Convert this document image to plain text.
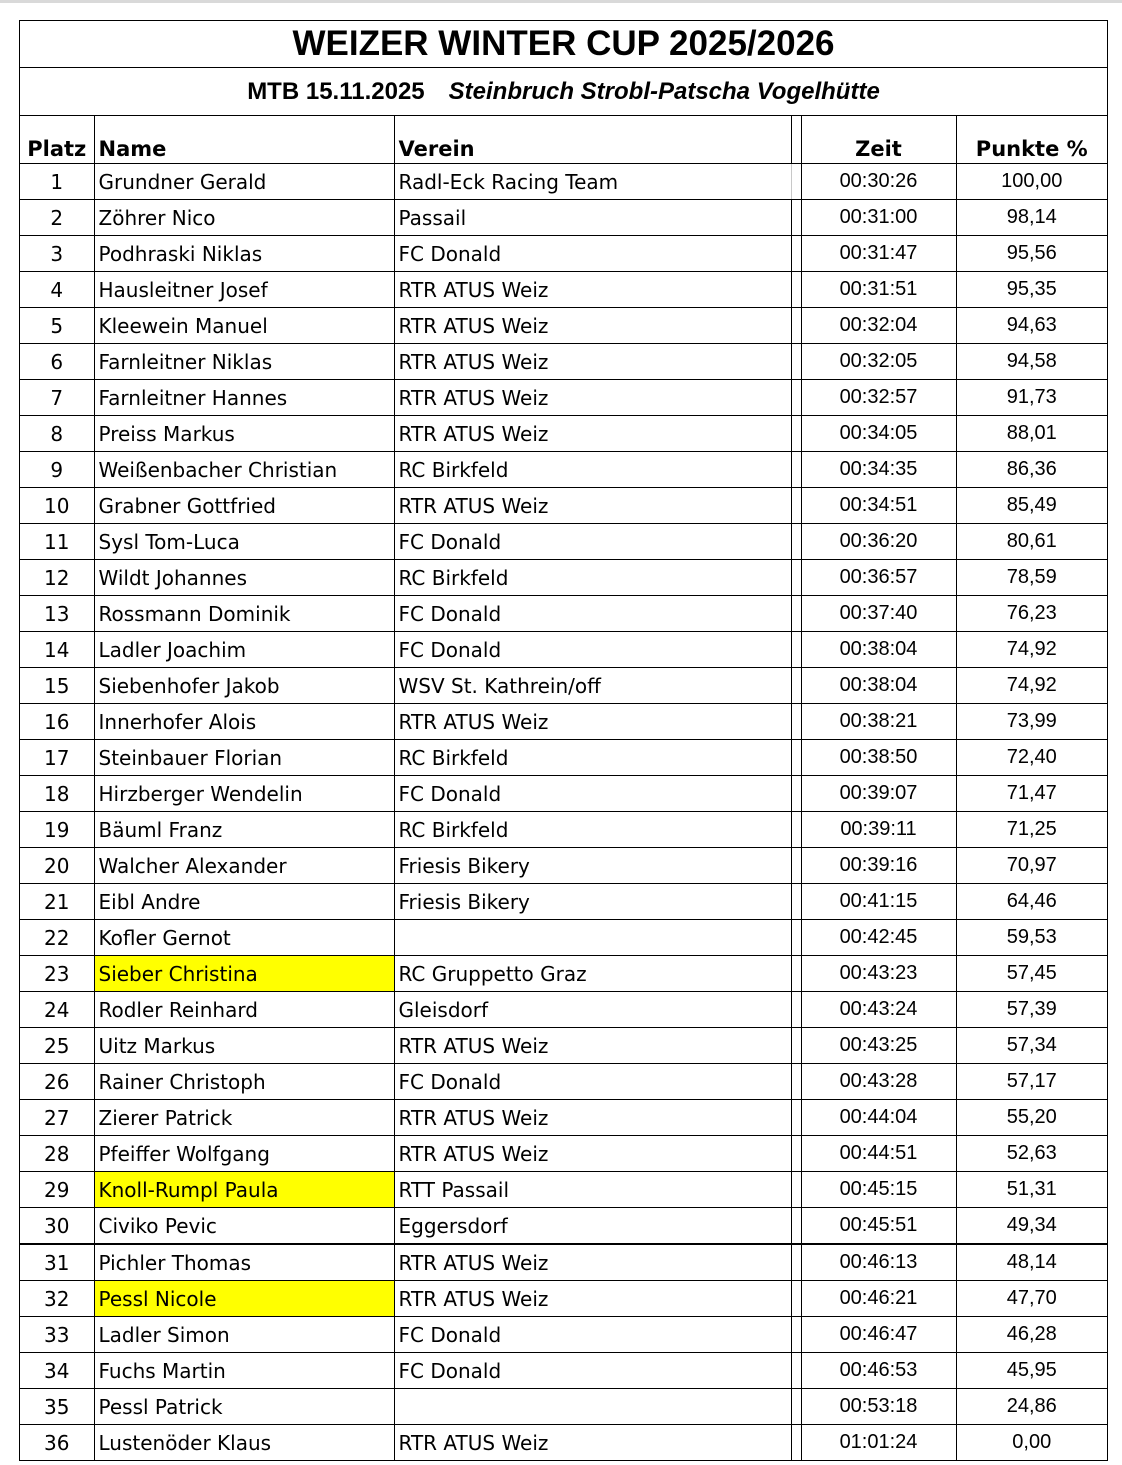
WEIZER WINTER CUP 2025/2026
MTB 15.11.2025 Steinbruch Strobl-Patscha Vogelhütte
Platz	Name	Verein		Zeit	Punkte %
1	Grundner Gerald	Radl-Eck Racing Team		00:30:26	100,00
2	Zöhrer Nico	Passail		00:31:00	98,14
3	Podhraski Niklas	FC Donald		00:31:47	95,56
4	Hausleitner Josef	RTR ATUS Weiz		00:31:51	95,35
5	Kleewein Manuel	RTR ATUS Weiz		00:32:04	94,63
6	Farnleitner Niklas	RTR ATUS Weiz		00:32:05	94,58
7	Farnleitner Hannes	RTR ATUS Weiz		00:32:57	91,73
8	Preiss Markus	RTR ATUS Weiz		00:34:05	88,01
9	Weißenbacher Christian	RC Birkfeld		00:34:35	86,36
10	Grabner Gottfried	RTR ATUS Weiz		00:34:51	85,49
11	Sysl Tom-Luca	FC Donald		00:36:20	80,61
12	Wildt Johannes	RC Birkfeld		00:36:57	78,59
13	Rossmann Dominik	FC Donald		00:37:40	76,23
14	Ladler Joachim	FC Donald		00:38:04	74,92
15	Siebenhofer Jakob	WSV St. Kathrein/off		00:38:04	74,92
16	Innerhofer Alois	RTR ATUS Weiz		00:38:21	73,99
17	Steinbauer Florian	RC Birkfeld		00:38:50	72,40
18	Hirzberger Wendelin	FC Donald		00:39:07	71,47
19	Bäuml Franz	RC Birkfeld		00:39:11	71,25
20	Walcher Alexander	Friesis Bikery		00:39:16	70,97
21	Eibl Andre	Friesis Bikery		00:41:15	64,46
22	Kofler Gernot			00:42:45	59,53
23	Sieber Christina	RC Gruppetto Graz		00:43:23	57,45
24	Rodler Reinhard	Gleisdorf		00:43:24	57,39
25	Uitz Markus	RTR ATUS Weiz		00:43:25	57,34
26	Rainer Christoph	FC Donald		00:43:28	57,17
27	Zierer Patrick	RTR ATUS Weiz		00:44:04	55,20
28	Pfeiffer Wolfgang	RTR ATUS Weiz		00:44:51	52,63
29	Knoll-Rumpl Paula	RTT Passail		00:45:15	51,31
30	Civiko Pevic	Eggersdorf		00:45:51	49,34
31	Pichler Thomas	RTR ATUS Weiz		00:46:13	48,14
32	Pessl Nicole	RTR ATUS Weiz		00:46:21	47,70
33	Ladler Simon	FC Donald		00:46:47	46,28
34	Fuchs Martin	FC Donald		00:46:53	45,95
35	Pessl Patrick			00:53:18	24,86
36	Lustenöder Klaus	RTR ATUS Weiz		01:01:24	0,00
